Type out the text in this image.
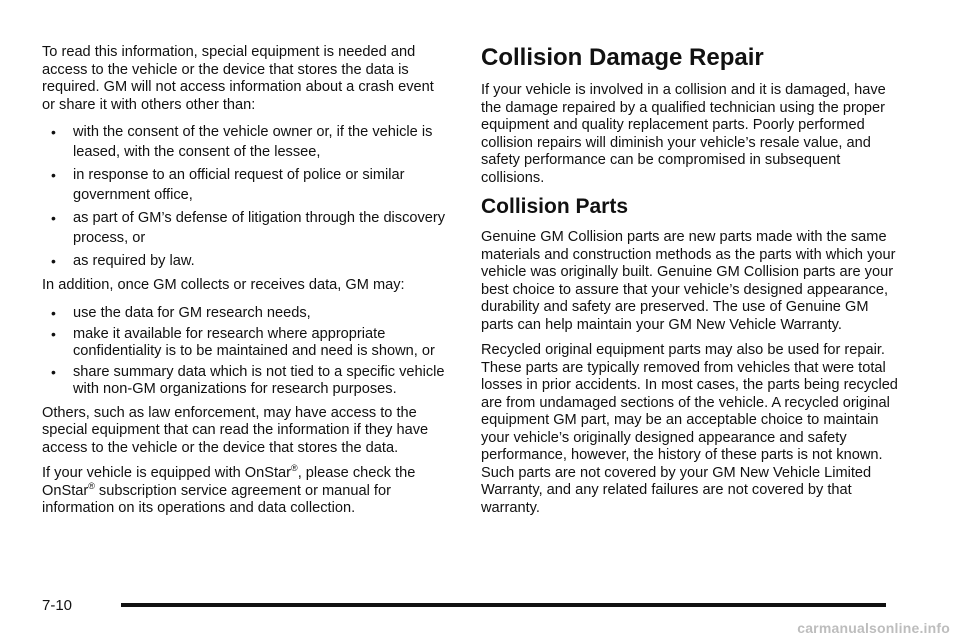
To read this information, special equipment is needed and access to the vehicle or the device that stores the data is required. GM will not access information about a crash event or share it with others other than:

• with the consent of the vehicle owner or, if the vehicle is leased, with the consent of the lessee,
• in response to an official request of police or similar government office,
• as part of GM’s defense of litigation through the discovery process, or
• as required by law.

In addition, once GM collects or receives data, GM may:

• use the data for GM research needs,
• make it available for research where appropriate confidentiality is to be maintained and need is shown, or
• share summary data which is not tied to a specific vehicle with non-GM organizations for research purposes.

Others, such as law enforcement, may have access to the special equipment that can read the information if they have access to the vehicle or the device that stores the data.

If your vehicle is equipped with OnStar®, please check the OnStar® subscription service agreement or manual for information on its operations and data collection.

Collision Damage Repair

If your vehicle is involved in a collision and it is damaged, have the damage repaired by a qualified technician using the proper equipment and quality replacement parts. Poorly performed collision repairs will diminish your vehicle’s resale value, and safety performance can be compromised in subsequent collisions.

Collision Parts

Genuine GM Collision parts are new parts made with the same materials and construction methods as the parts with which your vehicle was originally built. Genuine GM Collision parts are your best choice to assure that your vehicle’s designed appearance, durability and safety are preserved. The use of Genuine GM parts can help maintain your GM New Vehicle Warranty.

Recycled original equipment parts may also be used for repair. These parts are typically removed from vehicles that were total losses in prior accidents. In most cases, the parts being recycled are from undamaged sections of the vehicle. A recycled original equipment GM part, may be an acceptable choice to maintain your vehicle’s originally designed appearance and safety performance, however, the history of these parts is not known. Such parts are not covered by your GM New Vehicle Limited Warranty, and any related failures are not covered by that warranty.

7-10
carmanualsonline.info
